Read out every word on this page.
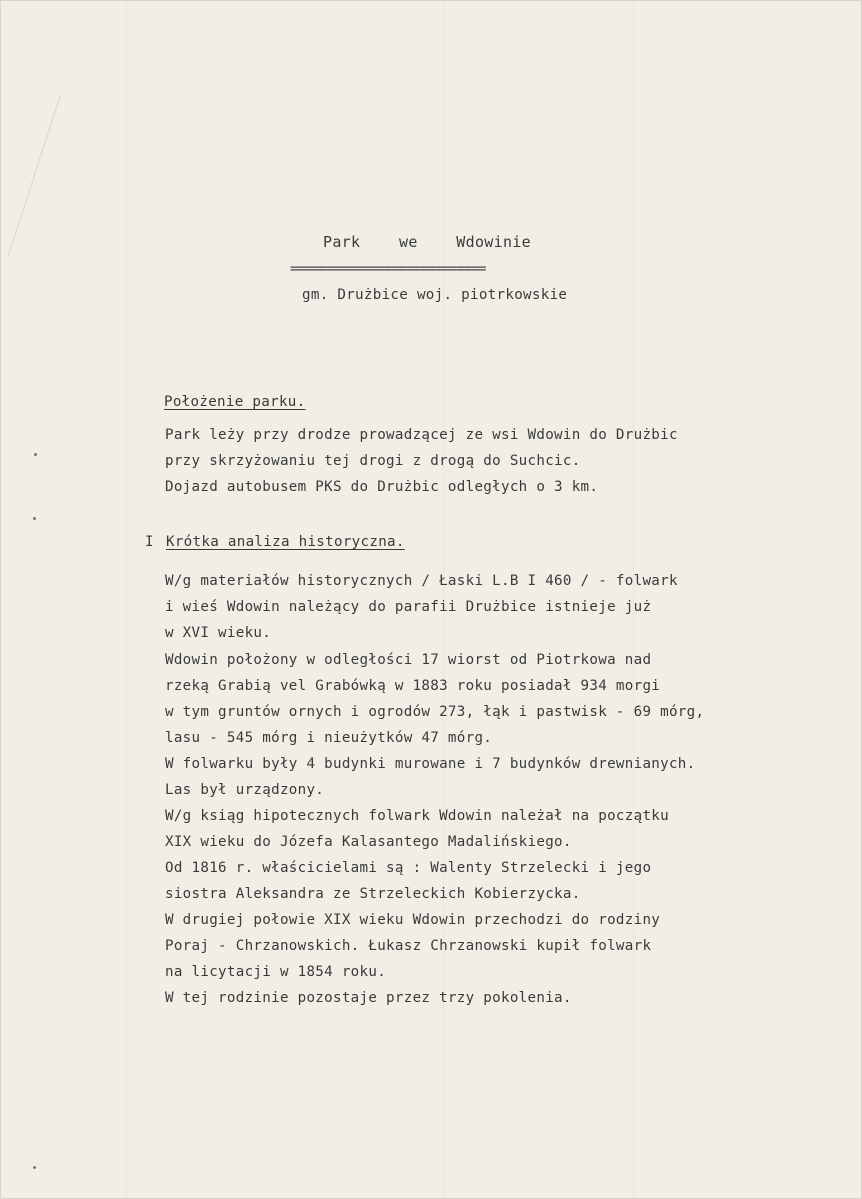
Park  we  Wdowinie
===========================
gm. Drużbice woj. piotrkowskie
Położenie parku.
Park leży przy drodze prowadzącej ze wsi Wdowin do Drużbic
przy skrzyżowaniu tej drogi z drogą do Suchcic.
Dojazd autobusem PKS do Drużbic odległych o 3 km.
I Krótka analiza historyczna.
W/g materiałów historycznych / Łaski L.B I 460 / - folwark
i wieś Wdowin należący do parafii Drużbice istnieje już
w XVI wieku.
Wdowin położony w odległości 17 wiorst od Piotrkowa nad
rzeką Grabią vel Grabówką w 1883 roku posiadał 934 morgi
w tym gruntów ornych i ogrodów 273, łąk i pastwisk - 69 mórg,
lasu - 545 mórg i nieużytków 47 mórg.
W folwarku były 4 budynki murowane i 7 budynków drewnianych.
Las był urządzony.
W/g ksiąg hipotecznych folwark Wdowin należał na początku
XIX wieku do Józefa Kalasantego Madalińskiego.
Od 1816 r. właścicielami są : Walenty Strzelecki i jego
siostra Aleksandra ze Strzeleckich Kobierzycka.
W drugiej połowie XIX wieku Wdowin przechodzi do rodziny
Poraj - Chrzanowskich. Łukasz Chrzanowski kupił folwark
na licytacji w 1854 roku.
W tej rodzinie pozostaje przez trzy pokolenia.
